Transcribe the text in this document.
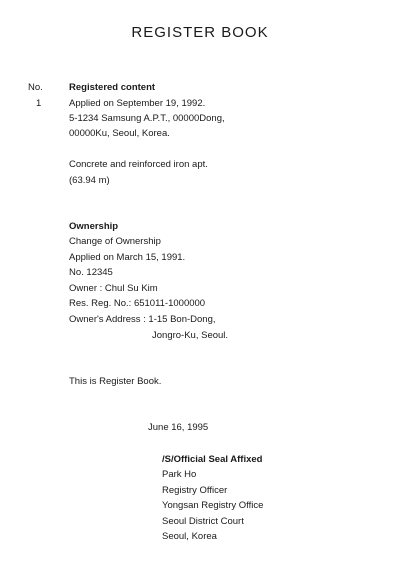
REGISTER BOOK
No.	Registered content
1	Applied on September 19, 1992.
5-1234 Samsung A.P.T., 00000Dong,
00000Ku, Seoul, Korea.
Concrete and reinforced iron apt.
(63.94 m)
Ownership
Change of Ownership
Applied on March 15, 1991.
No. 12345
Owner : Chul Su Kim
Res. Reg. No.: 651011-1000000
Owner's Address : 1-15 Bon-Dong,
Jongro-Ku, Seoul.
This is Register Book.
June 16, 1995
/S/Official Seal Affixed
Park Ho
Registry Officer
Yongsan Registry Office
Seoul District Court
Seoul, Korea
